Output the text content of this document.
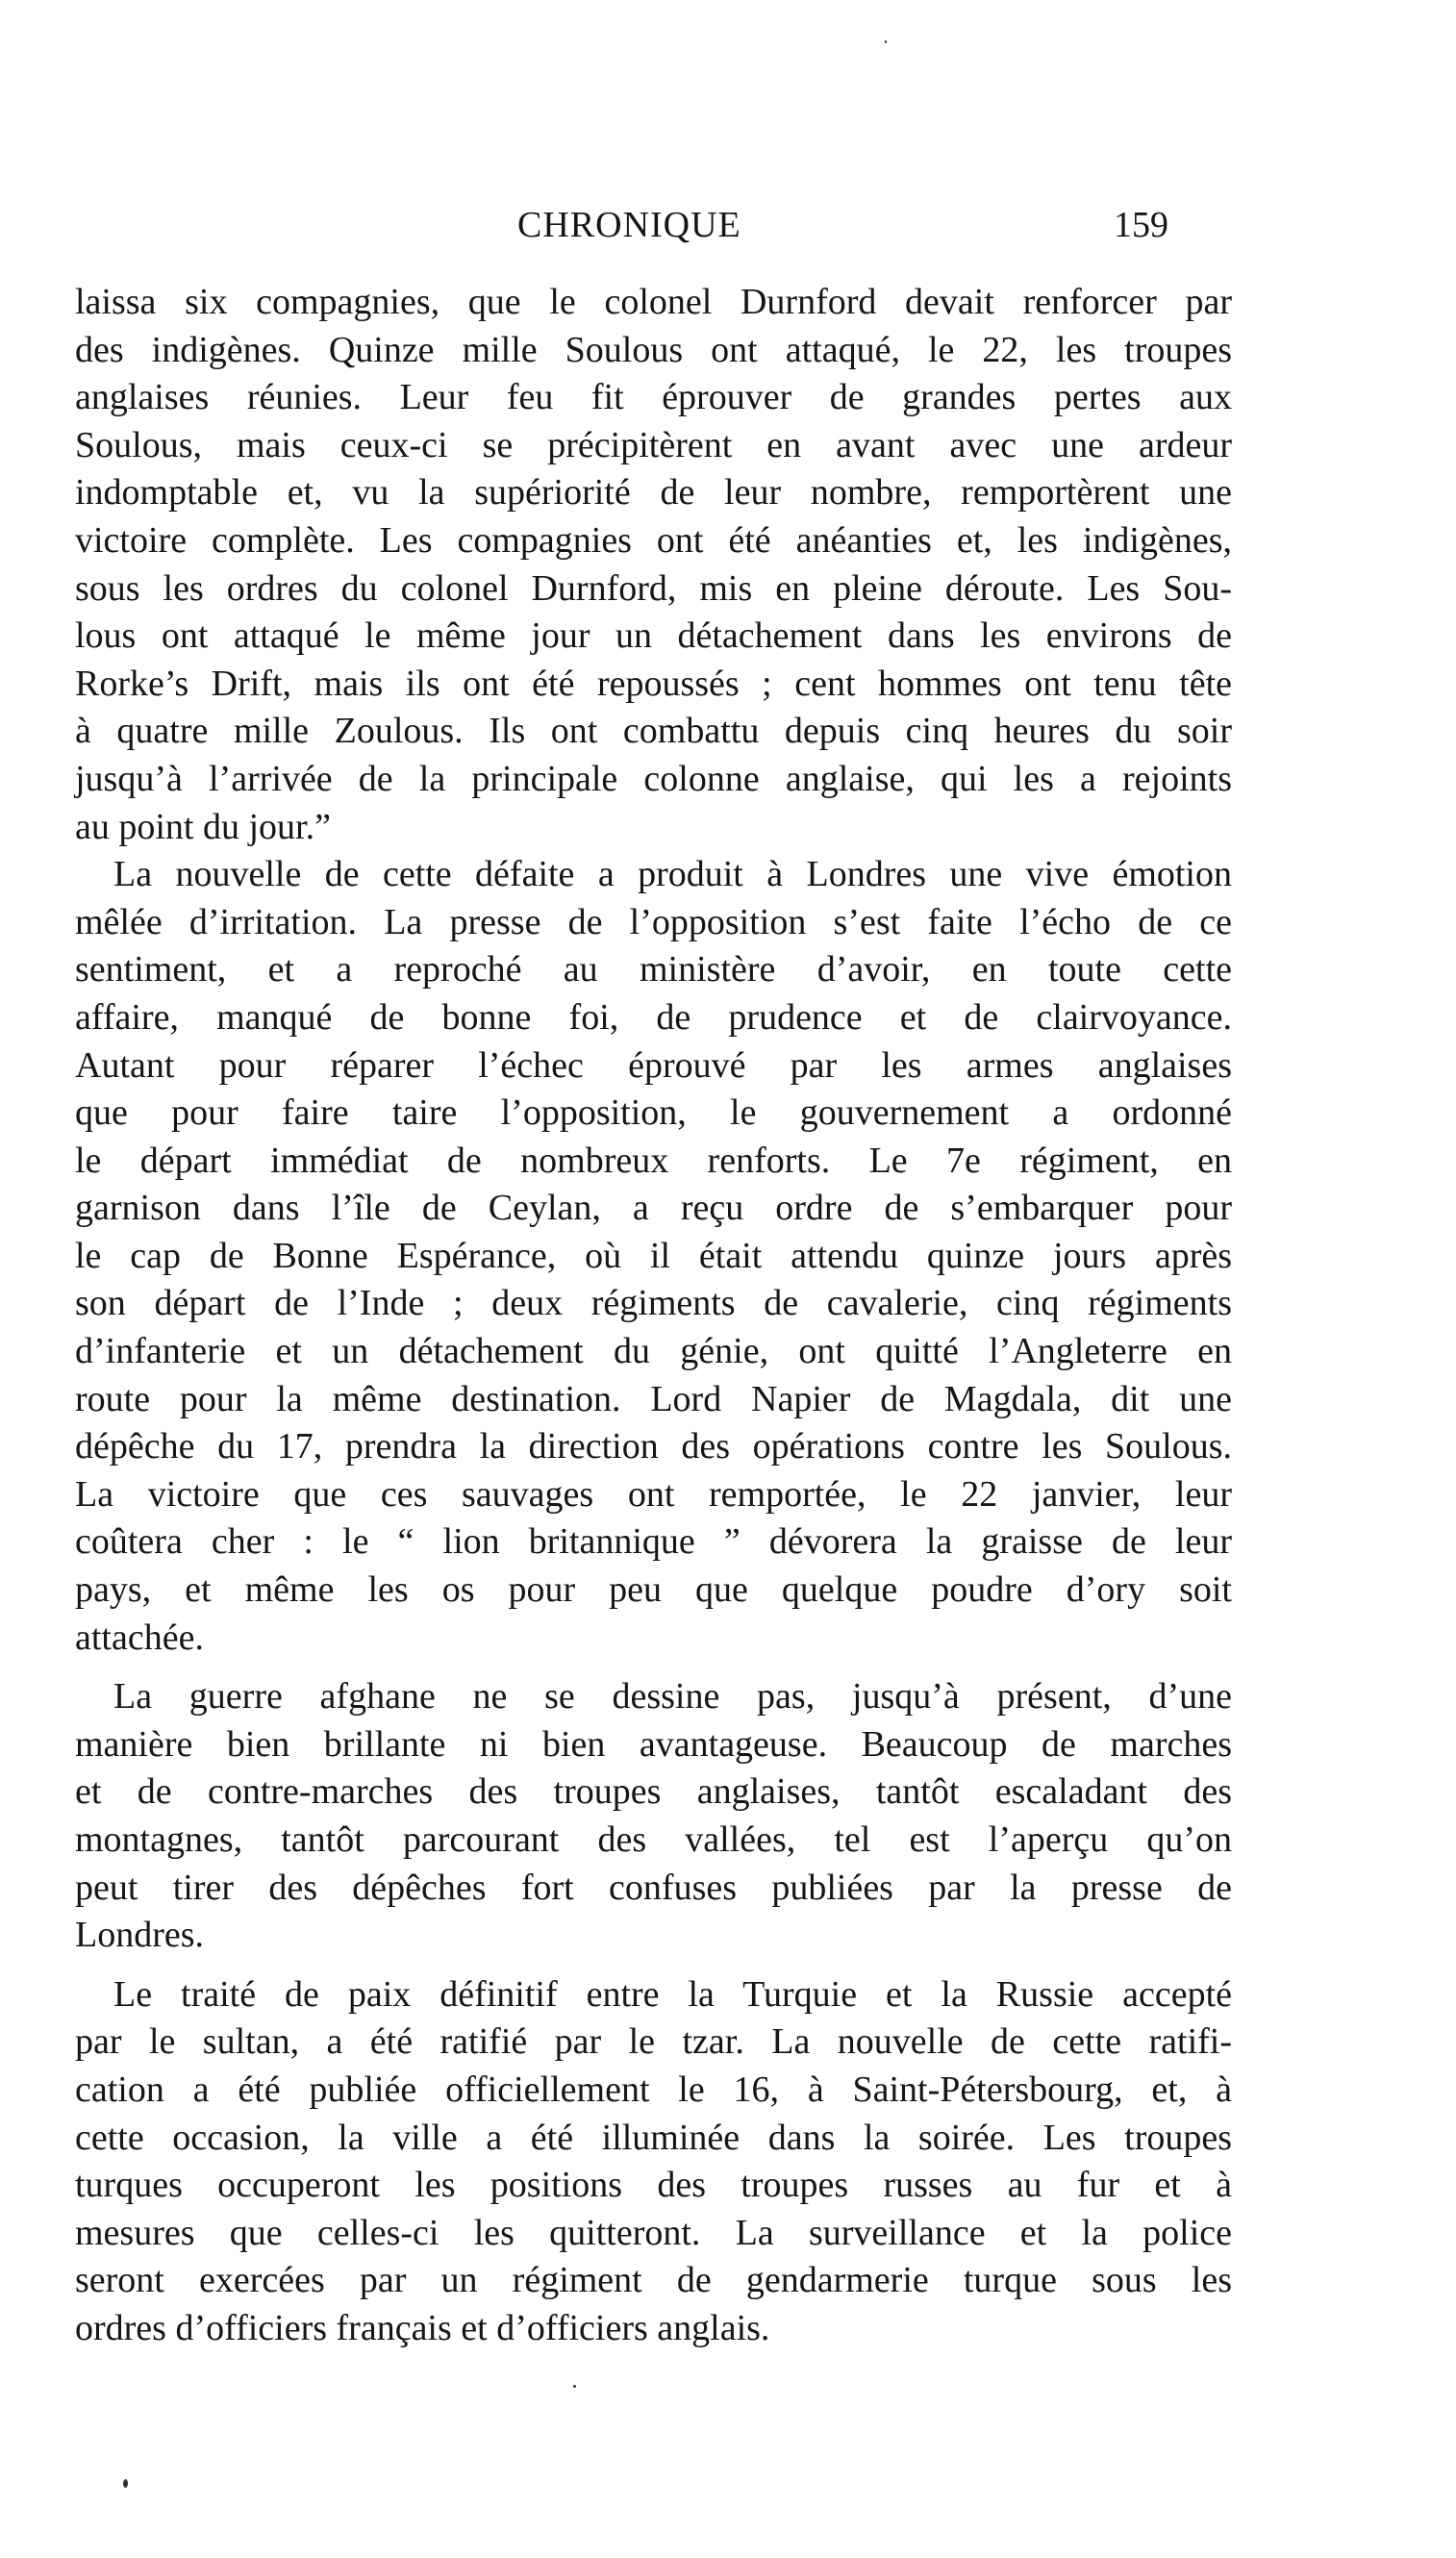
CHRONIQUE	159
laissa six compagnies, que le colonel Durnford devait renforcer par
des indigènes. Quinze mille Soulous ont attaqué, le 22, les troupes
anglaises réunies. Leur feu fit éprouver de grandes pertes aux
Soulous, mais ceux-ci se précipitèrent en avant avec une ardeur
indomptable et, vu la supériorité de leur nombre, remportèrent une
victoire complète. Les compagnies ont été anéanties et, les indigènes,
sous les ordres du colonel Durnford, mis en pleine déroute. Les Sou-
lous ont attaqué le même jour un détachement dans les environs de
Rorke’s Drift, mais ils ont été repoussés ; cent hommes ont tenu tête
à quatre mille Zoulous. Ils ont combattu depuis cinq heures du soir
jusqu’à l’arrivée de la principale colonne anglaise, qui les a rejoints
au point du jour.”
La nouvelle de cette défaite a produit à Londres une vive émotion
mêlée d’irritation. La presse de l’opposition s’est faite l’écho de ce
sentiment, et a reproché au ministère d’avoir, en toute cette
affaire, manqué de bonne foi, de prudence et de clairvoyance.
Autant pour réparer l’échec éprouvé par les armes anglaises
que pour faire taire l’opposition, le gouvernement a ordonné
le départ immédiat de nombreux renforts. Le 7e régiment, en
garnison dans l’île de Ceylan, a reçu ordre de s’embarquer pour
le cap de Bonne Espérance, où il était attendu quinze jours après
son départ de l’Inde ; deux régiments de cavalerie, cinq régiments
d’infanterie et un détachement du génie, ont quitté l’Angleterre en
route pour la même destination. Lord Napier de Magdala, dit une
dépêche du 17, prendra la direction des opérations contre les Soulous.
La victoire que ces sauvages ont remportée, le 22 janvier, leur
coûtera cher : le “ lion britannique ” dévorera la graisse de leur
pays, et même les os pour peu que quelque poudre d’ory soit
attachée.
La guerre afghane ne se dessine pas, jusqu’à présent, d’une
manière bien brillante ni bien avantageuse. Beaucoup de marches
et de contre-marches des troupes anglaises, tantôt escaladant des
montagnes, tantôt parcourant des vallées, tel est l’aperçu qu’on
peut tirer des dépêches fort confuses publiées par la presse de
Londres.
Le traité de paix définitif entre la Turquie et la Russie accepté
par le sultan, a été ratifié par le tzar. La nouvelle de cette ratifi-
cation a été publiée officiellement le 16, à Saint-Pétersbourg, et, à
cette occasion, la ville a été illuminée dans la soirée. Les troupes
turques occuperont les positions des troupes russes au fur et à
mesures que celles-ci les quitteront. La surveillance et la police
seront exercées par un régiment de gendarmerie turque sous les
ordres d’officiers français et d’officiers anglais.
